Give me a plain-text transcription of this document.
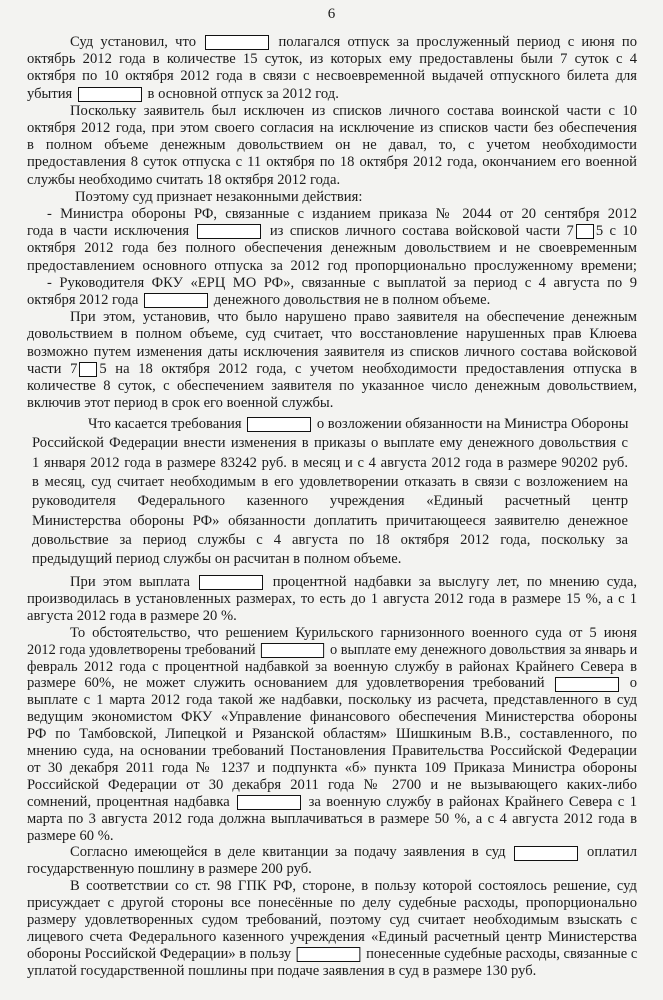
6
Суд установил, что	полагался отпуск за прослуженный период с июня по
октябрь 2012 года в количестве 15 суток, из которых ему предоставлены были 7 суток с 4
октября по 10 октября 2012 года в связи с несвоевременной выдачей отпускного билета для
убытия	в основной отпуск за 2012 год.
Поскольку заявитель был исключен из списков личного состава воинской части с 10
октября 2012 года, при этом своего согласия на исключение из списков части без обеспечения
в полном объеме денежным довольствием он не давал, то, с учетом необходимости
предоставления 8 суток отпуска с 11 октября по 18 октября 2012 года, окончанием его военной
службы необходимо считать 18 октября 2012 года.
Поэтому суд признает незаконными действия:
- Министра обороны РФ, связанные с изданием приказа № 2044 от 20 сентября 2012
года в части исключения	из списков личного состава войсковой части 7 5 с 10
октября 2012 года без полного обеспечения денежным довольствием и не своевременным
предоставлением основного отпуска за 2012 год пропорционально прослуженному времени;
- Руководителя ФКУ «ЕРЦ МО РФ», связанные с выплатой за период с 4 августа по 9
октября 2012 года	денежного довольствия не в полном объеме.
При этом, установив, что было нарушено право заявителя на обеспечение денежным
довольствием в полном объеме, суд считает, что восстановление нарушенных прав Клюева
возможно путем изменения даты исключения заявителя из списков личного состава войсковой
части 7 5 на 18 октября 2012 года, с учетом необходимости предоставления отпуска в
количестве 8 суток, с обеспечением заявителя по указанное число денежным довольствием,
включив этот период в срок его военной службы.
Что касается требования	о возложении обязанности на Министра Обороны
Российской Федерации внести изменения в приказы о выплате ему денежного довольствия с
1 января 2012 года в размере 83242 руб. в месяц и с 4 августа 2012 года в размере 90202 руб.
в месяц, суд считает необходимым в его удовлетворении отказать в связи с возложением на
руководителя Федерального казенного учреждения «Единый расчетный центр
Министерства обороны РФ» обязанности доплатить причитающееся заявителю денежное
довольствие за период службы с 4 августа по 18 октября 2012 года, поскольку за
предыдущий период службы он расчитан в полном объеме.
При этом выплата	процентной надбавки за выслугу лет, по мнению суда,
производилась в установленных размерах, то есть до 1 августа 2012 года в размере 15 %, а с 1
августа 2012 года в размере 20 %.
То обстоятельство, что решением Курильского гарнизонного военного суда от 5 июня
2012 года удовлетворены требований	о выплате ему денежного довольствия за январь и
февраль 2012 года с процентной надбавкой за военную службу в районах Крайнего Севера в
размере 60%, не может служить основанием для удовлетворения требований	о
выплате с 1 марта 2012 года такой же надбавки, поскольку из расчета, представленного в суд
ведущим экономистом ФКУ «Управление финансового обеспечения Министерства обороны
РФ по Тамбовской, Липецкой и Рязанской областям» Шишкиным В.В., составленного, по
мнению суда, на основании требований Постановления Правительства Российской Федерации
от 30 декабря 2011 года № 1237 и подпункта «б» пункта 109 Приказа Министра обороны
Российской Федерации от 30 декабря 2011 года № 2700 и не вызывающего каких-либо
сомнений, процентная надбавка	за военную службу в районах Крайнего Севера с 1
марта по 3 августа 2012 года должна выплачиваться в размере 50 %, а с 4 августа 2012 года в
размере 60 %.
Согласно имеющейся в деле квитанции за подачу заявления в суд	оплатил
государственную пошлину в размере 200 руб.
В соответствии со ст. 98 ГПК РФ, стороне, в пользу которой состоялось решение, суд
присуждает с другой стороны все понесённые по делу судебные расходы, пропорционально
размеру удовлетворенных судом требований, поэтому суд считает необходимым взыскать с
лицевого счета Федерального казенного учреждения «Единый расчетный центр Министерства
обороны Российской Федерации» в пользу	понесенные судебные расходы, связанные с
уплатой государственной пошлины при подаче заявления в суд в размере 130 руб.
